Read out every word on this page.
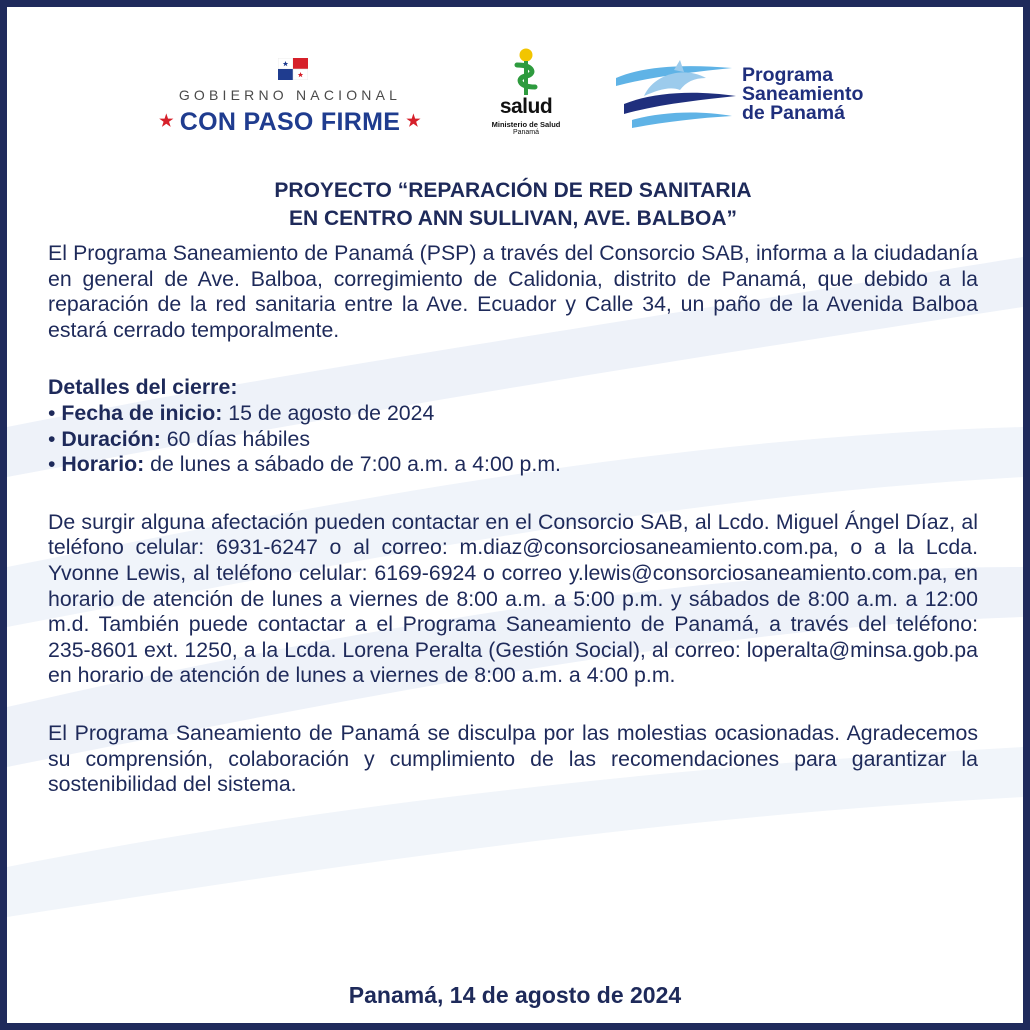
GOBIERNO NACIONAL
★ CON PASO FIRME ★
salud
Ministerio de Salud
Panamá
Programa
Saneamiento
de Panamá
PROYECTO “REPARACIÓN DE RED SANITARIA
EN CENTRO ANN SULLIVAN, AVE. BALBOA”

El Programa Saneamiento de Panamá (PSP) a través del Consorcio SAB, informa a la ciudadanía en general de Ave. Balboa, corregimiento de Calidonia, distrito de Panamá, que debido a la reparación de la red sanitaria entre la Ave. Ecuador y Calle 34, un paño de la Avenida Balboa estará cerrado temporalmente.

Detalles del cierre:
• Fecha de inicio: 15 de agosto de 2024
• Duración: 60 días hábiles
• Horario: de lunes a sábado de 7:00 a.m. a 4:00 p.m.

De surgir alguna afectación pueden contactar en el Consorcio SAB, al Lcdo. Miguel Ángel Díaz, al teléfono celular: 6931-6247 o al correo: m.diaz@consorciosaneamiento.com.pa, o a la Lcda. Yvonne Lewis, al teléfono celular: 6169-6924 o correo y.lewis@consorciosaneamiento.com.pa, en horario de atención de lunes a viernes de 8:00 a.m. a 5:00 p.m. y sábados de 8:00 a.m. a 12:00 m.d. También puede contactar a el Programa Saneamiento de Panamá, a través del teléfono: 235-8601 ext. 1250, a la Lcda. Lorena Peralta (Gestión Social), al correo: loperalta@minsa.gob.pa en horario de atención de lunes a viernes de 8:00 a.m. a 4:00 p.m.

El Programa Saneamiento de Panamá se disculpa por las molestias ocasionadas. Agradecemos su comprensión, colaboración y cumplimiento de las recomendaciones para garantizar la sostenibilidad del sistema.

Panamá, 14 de agosto de 2024
